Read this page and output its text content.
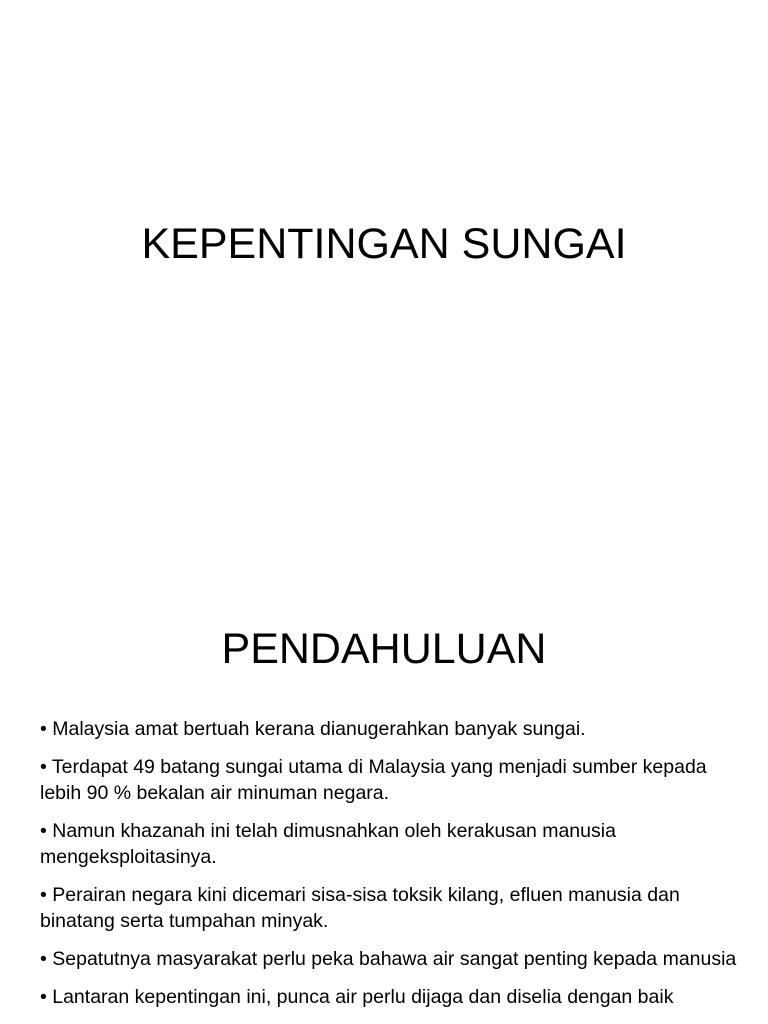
KEPENTINGAN SUNGAI
PENDAHULUAN
• Malaysia amat bertuah kerana dianugerahkan banyak sungai.
• Terdapat 49 batang sungai utama di Malaysia yang menjadi sumber kepada lebih 90 % bekalan air minuman negara.
• Namun khazanah ini telah dimusnahkan oleh kerakusan manusia mengeksploitasinya.
• Perairan negara kini dicemari sisa-sisa toksik kilang, efluen manusia dan binatang serta tumpahan minyak.
• Sepatutnya masyarakat perlu peka bahawa air sangat penting kepada manusia
• Lantaran kepentingan ini, punca air perlu dijaga dan diselia dengan baik
